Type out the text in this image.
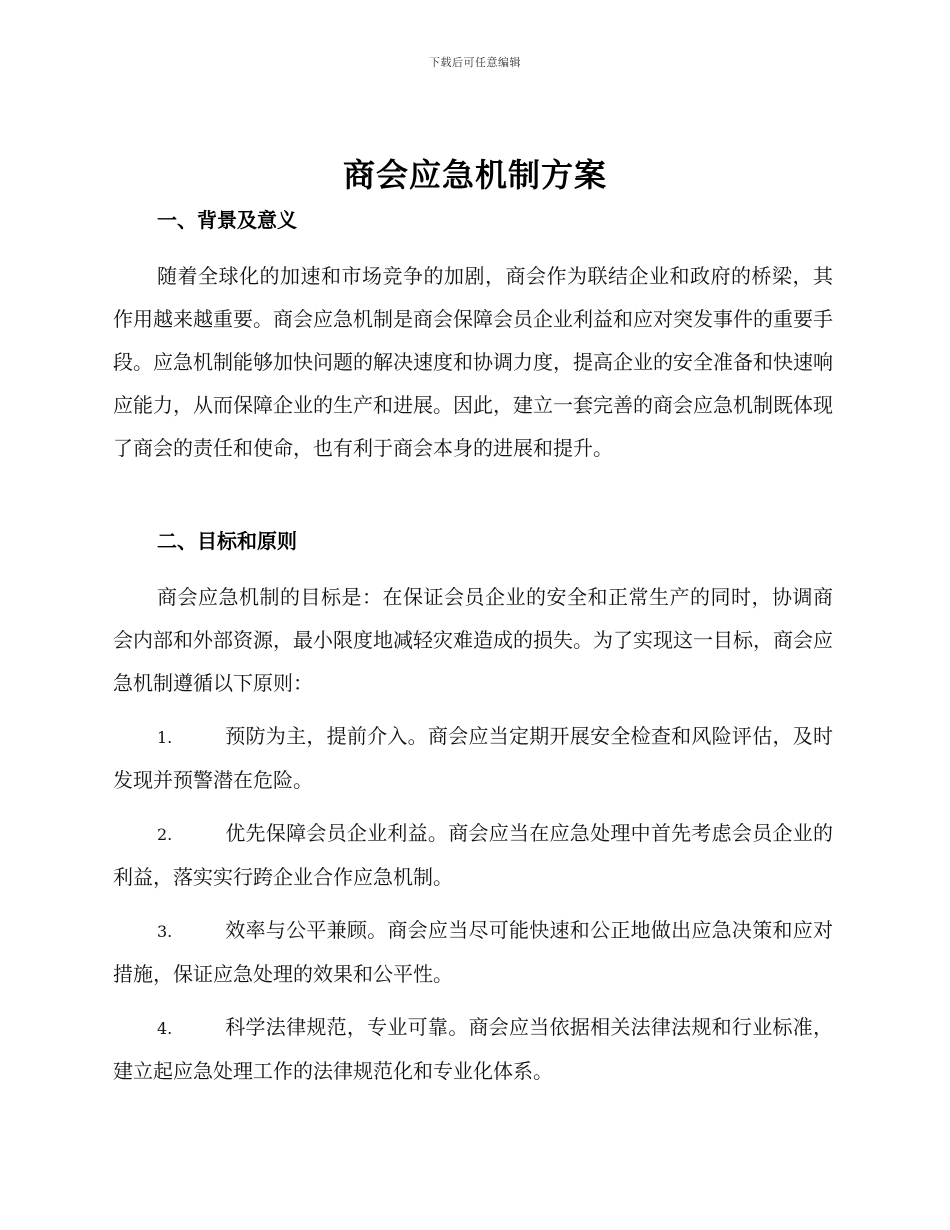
下载后可任意编辑
商会应急机制方案

一、背景及意义

随着全球化的加速和市场竞争的加剧，商会作为联结企业和政府的桥梁，其作用越来越重要。商会应急机制是商会保障会员企业利益和应对突发事件的重要手段。应急机制能够加快问题的解决速度和协调力度，提高企业的安全准备和快速响应能力，从而保障企业的生产和进展。因此，建立一套完善的商会应急机制既体现了商会的责任和使命，也有利于商会本身的进展和提升。

二、目标和原则

商会应急机制的目标是：在保证会员企业的安全和正常生产的同时，协调商会内部和外部资源，最小限度地减轻灾难造成的损失。为了实现这一目标，商会应急机制遵循以下原则：

1.	预防为主，提前介入。商会应当定期开展安全检查和风险评估，及时发现并预警潜在危险。

2.	优先保障会员企业利益。商会应当在应急处理中首先考虑会员企业的利益，落实实行跨企业合作应急机制。

3.	效率与公平兼顾。商会应当尽可能快速和公正地做出应急决策和应对措施，保证应急处理的效果和公平性。

4.	科学法律规范，专业可靠。商会应当依据相关法律法规和行业标准，建立起应急处理工作的法律规范化和专业化体系。
